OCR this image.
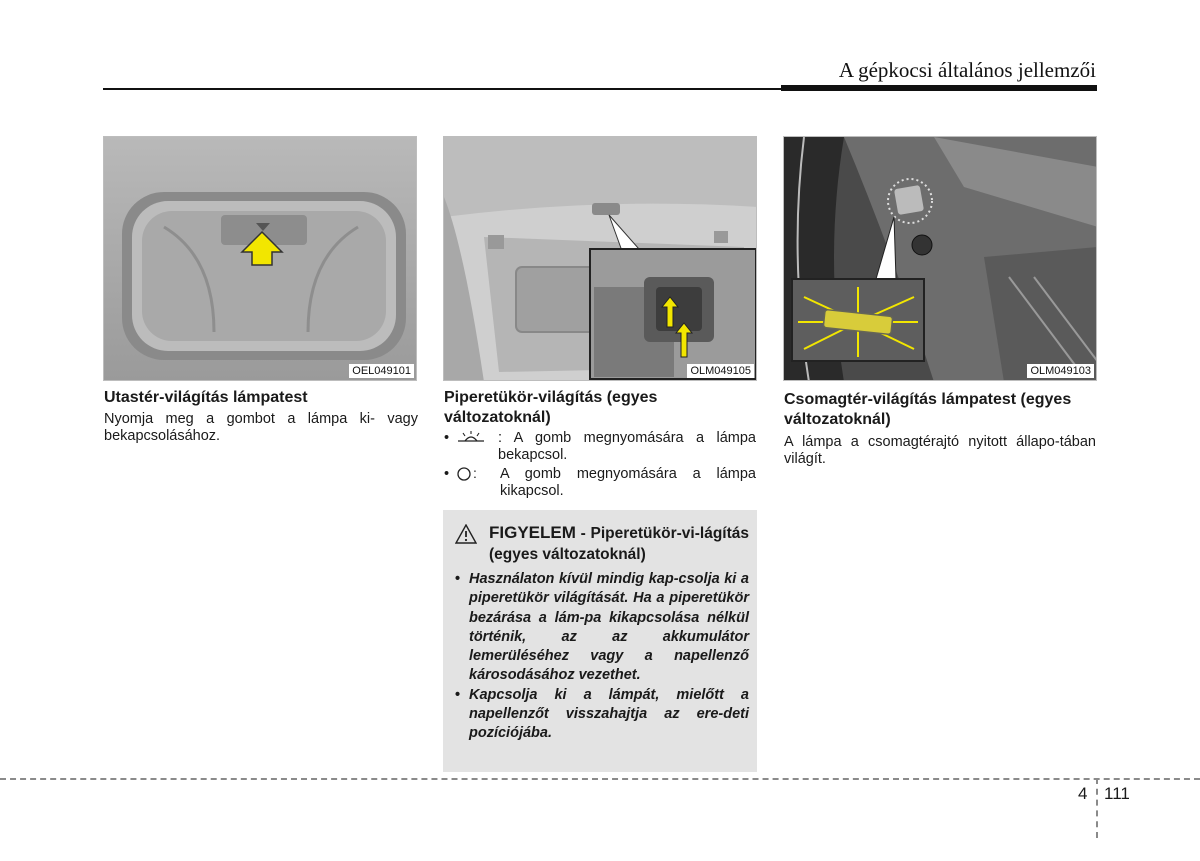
A gépkocsi általános jellemzői
OEL049101	OLM049105	OLM049103
Utastér-világítás lámpatest
Nyomja meg a gombot a lámpa ki- vagy bekapcsolásához.
Piperetükör-világítás (egyes változatoknál)
•	: A gomb megnyomására a lámpa bekapcsol.
•	: A gomb megnyomására a lámpa kikapcsol.
Csomagtér-világítás lámpatest (egyes változatoknál)
A lámpa a csomagtérajtó nyitott állapo-tában világít.
FIGYELEM - Piperetükör-vi-lágítás (egyes változatoknál)
• Használaton kívül mindig kap-csolja ki a piperetükör világítását. Ha a piperetükör bezárása a lám-pa kikapcsolása nélkül történik, az az akkumulátor lemerüléséhez vagy a napellenző károsodásához vezethet.
• Kapcsolja ki a lámpát, mielőtt a napellenzőt visszahajtja az ere-deti pozíciójába.
4 111
